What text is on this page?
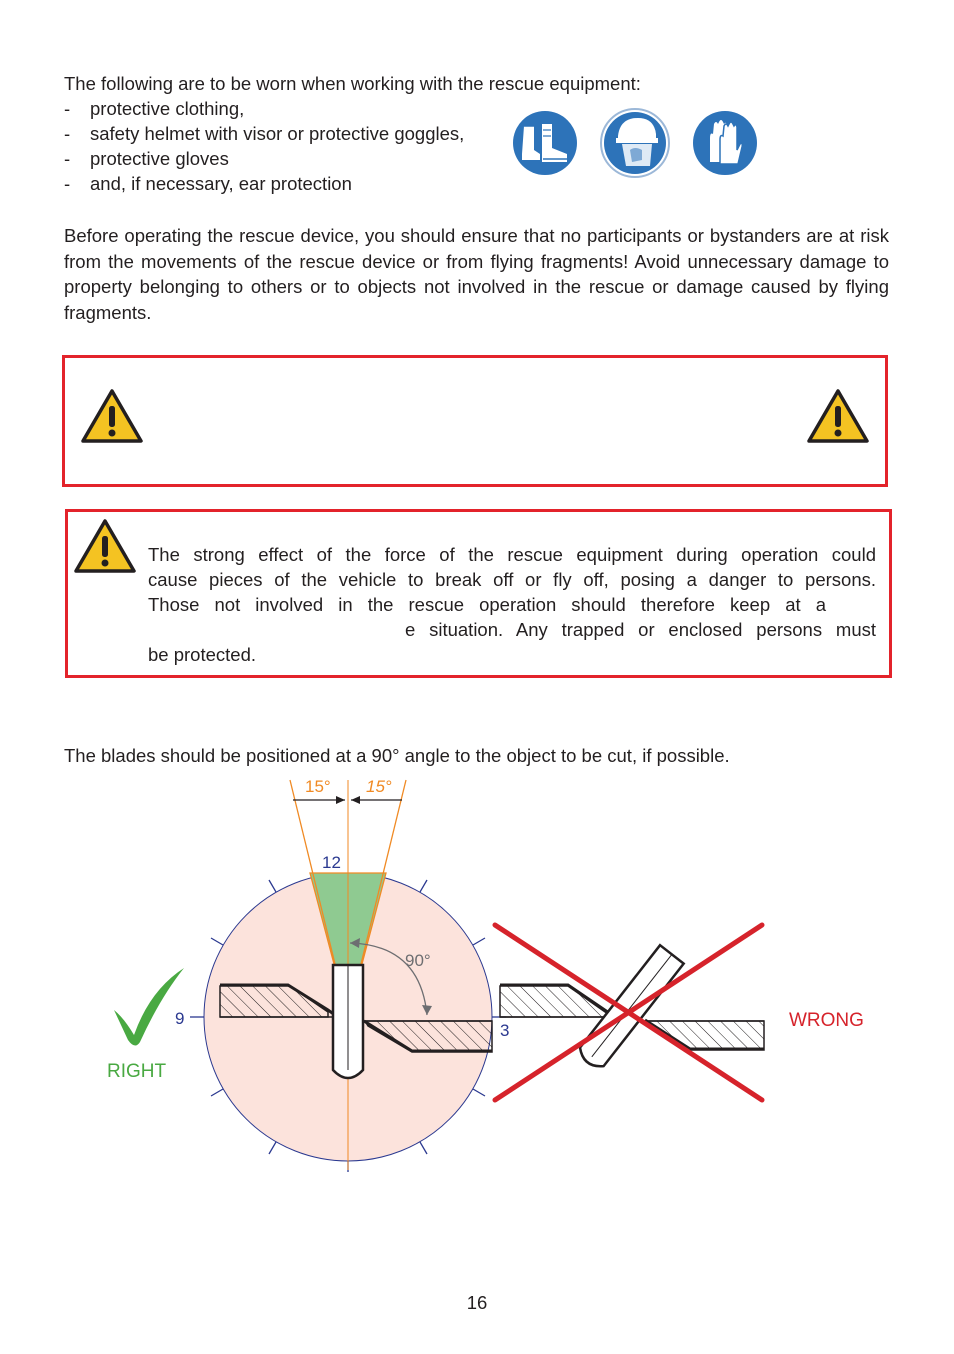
The following are to be worn when working with the rescue equipment:

- protective clothing,
- safety helmet with visor or protective goggles,
- protective gloves
- and, if necessary, ear protection

Before operating the rescue device, you should ensure that no participants or bystanders are at risk from the movements of the rescue device or from flying fragments! Avoid unnecessary damage to property belonging to others or to objects not involved in the rescue or damage caused by flying fragments.

The strong effect of the force of the rescue equipment during operation could
cause pieces of the vehicle to break off or fly off, posing a danger to persons.
Those not involved in the rescue operation should therefore keep at a
e situation. Any trapped or enclosed persons must
be protected.

The blades should be positioned at a 90° angle to the object to be cut, if possible.

15° 15°
12
9
3
90°
RIGHT
WRONG
16
